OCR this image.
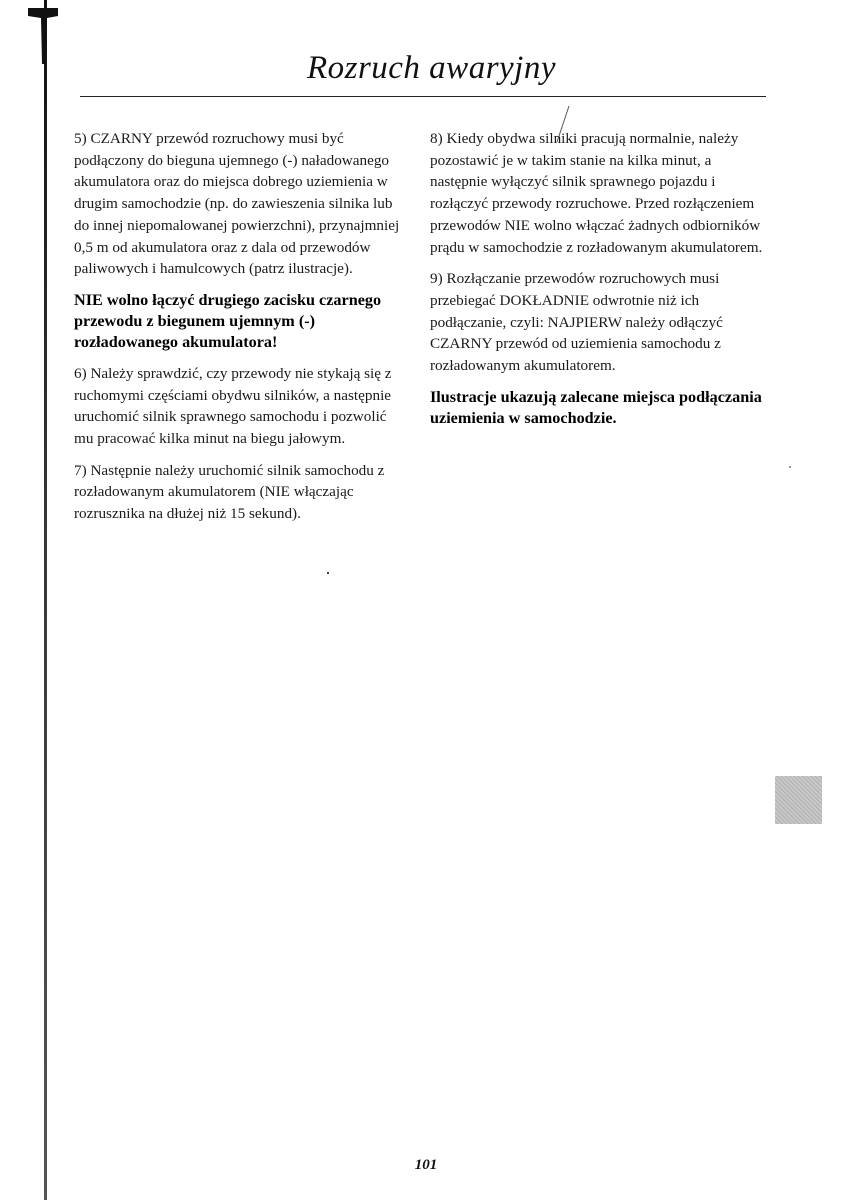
Rozruch awaryjny

5) CZARNY przewód rozruchowy musi być podłączony do bieguna ujemnego (-) naładowanego akumulatora oraz do miejsca dobrego uziemienia w drugim samochodzie (np. do zawieszenia silnika lub do innej niepomalowanej powierzchni), przynajmniej 0,5 m od akumulatora oraz z dala od przewodów paliwowych i hamulcowych (patrz ilustracje).

NIE wolno łączyć drugiego zacisku czarnego przewodu z biegunem ujemnym (-) rozładowanego akumulatora!

6) Należy sprawdzić, czy przewody nie stykają się z ruchomymi częściami obydwu silników, a następnie uruchomić silnik sprawnego samochodu i pozwolić mu pracować kilka minut na biegu jałowym.

7) Następnie należy uruchomić silnik samochodu z rozładowanym akumulatorem (NIE włączając rozrusznika na dłużej niż 15 sekund).

8) Kiedy obydwa silniki pracują normalnie, należy pozostawić je w takim stanie na kilka minut, a następnie wyłączyć silnik sprawnego pojazdu i rozłączyć przewody rozruchowe. Przed rozłączeniem przewodów NIE wolno włączać żadnych odbiorników prądu w samochodzie z rozładowanym akumulatorem.

9) Rozłączanie przewodów rozruchowych musi przebiegać DOKŁADNIE odwrotnie niż ich podłączanie, czyli: NAJPIERW należy odłączyć CZARNY przewód od uziemienia samochodu z rozładowanym akumulatorem.

Ilustracje ukazują zalecane miejsca podłączania uziemienia w samochodzie.

101
